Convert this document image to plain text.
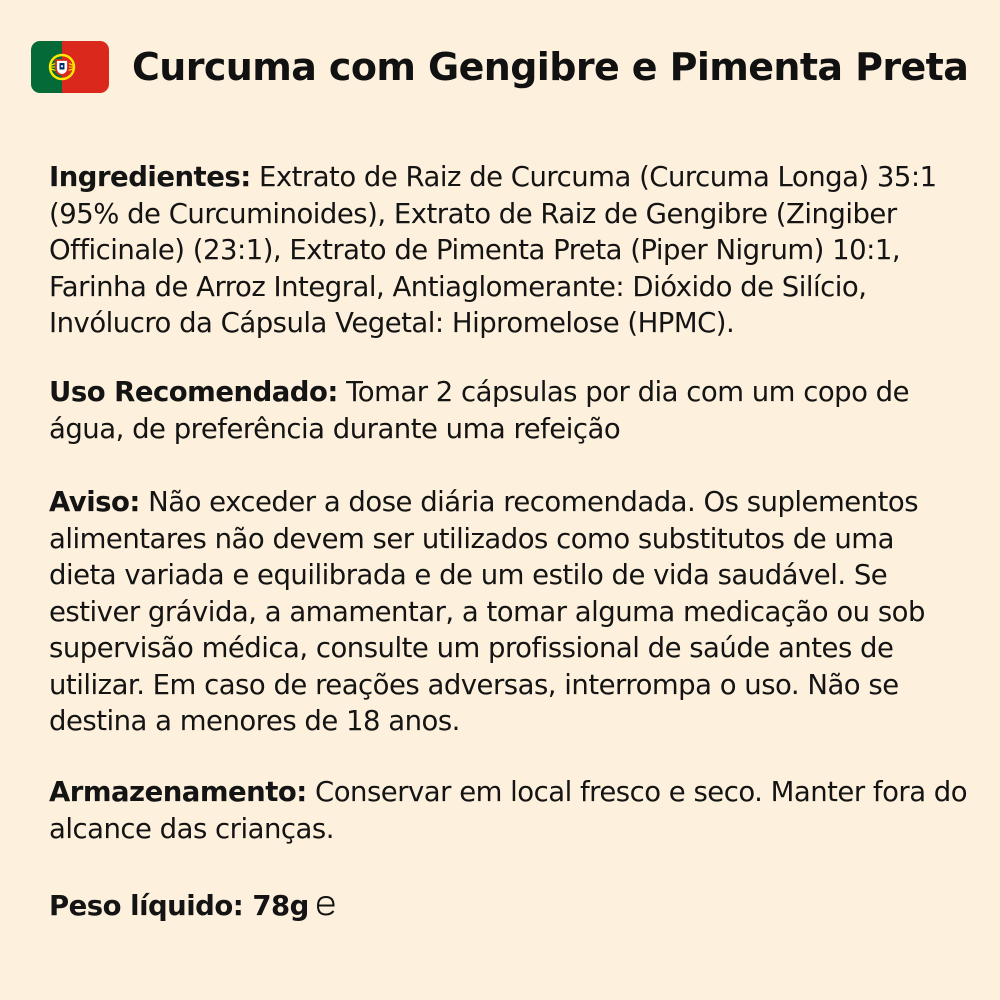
Curcuma com Gengibre e Pimenta Preta

Ingredientes: Extrato de Raiz de Curcuma (Curcuma Longa) 35:1 (95% de Curcuminoides), Extrato de Raiz de Gengibre (Zingiber Officinale) (23:1), Extrato de Pimenta Preta (Piper Nigrum) 10:1, Farinha de Arroz Integral, Antiaglomerante: Dióxido de Silício, Invólucro da Cápsula Vegetal: Hipromelose (HPMC).

Uso Recomendado: Tomar 2 cápsulas por dia com um copo de água, de preferência durante uma refeição

Aviso: Não exceder a dose diária recomendada. Os suplementos alimentares não devem ser utilizados como substitutos de uma dieta variada e equilibrada e de um estilo de vida saudável. Se estiver grávida, a amamentar, a tomar alguma medicação ou sob supervisão médica, consulte um profissional de saúde antes de utilizar. Em caso de reações adversas, interrompa o uso. Não se destina a menores de 18 anos.

Armazenamento: Conservar em local fresco e seco. Manter fora do alcance das crianças.

Peso líquido: 78g
